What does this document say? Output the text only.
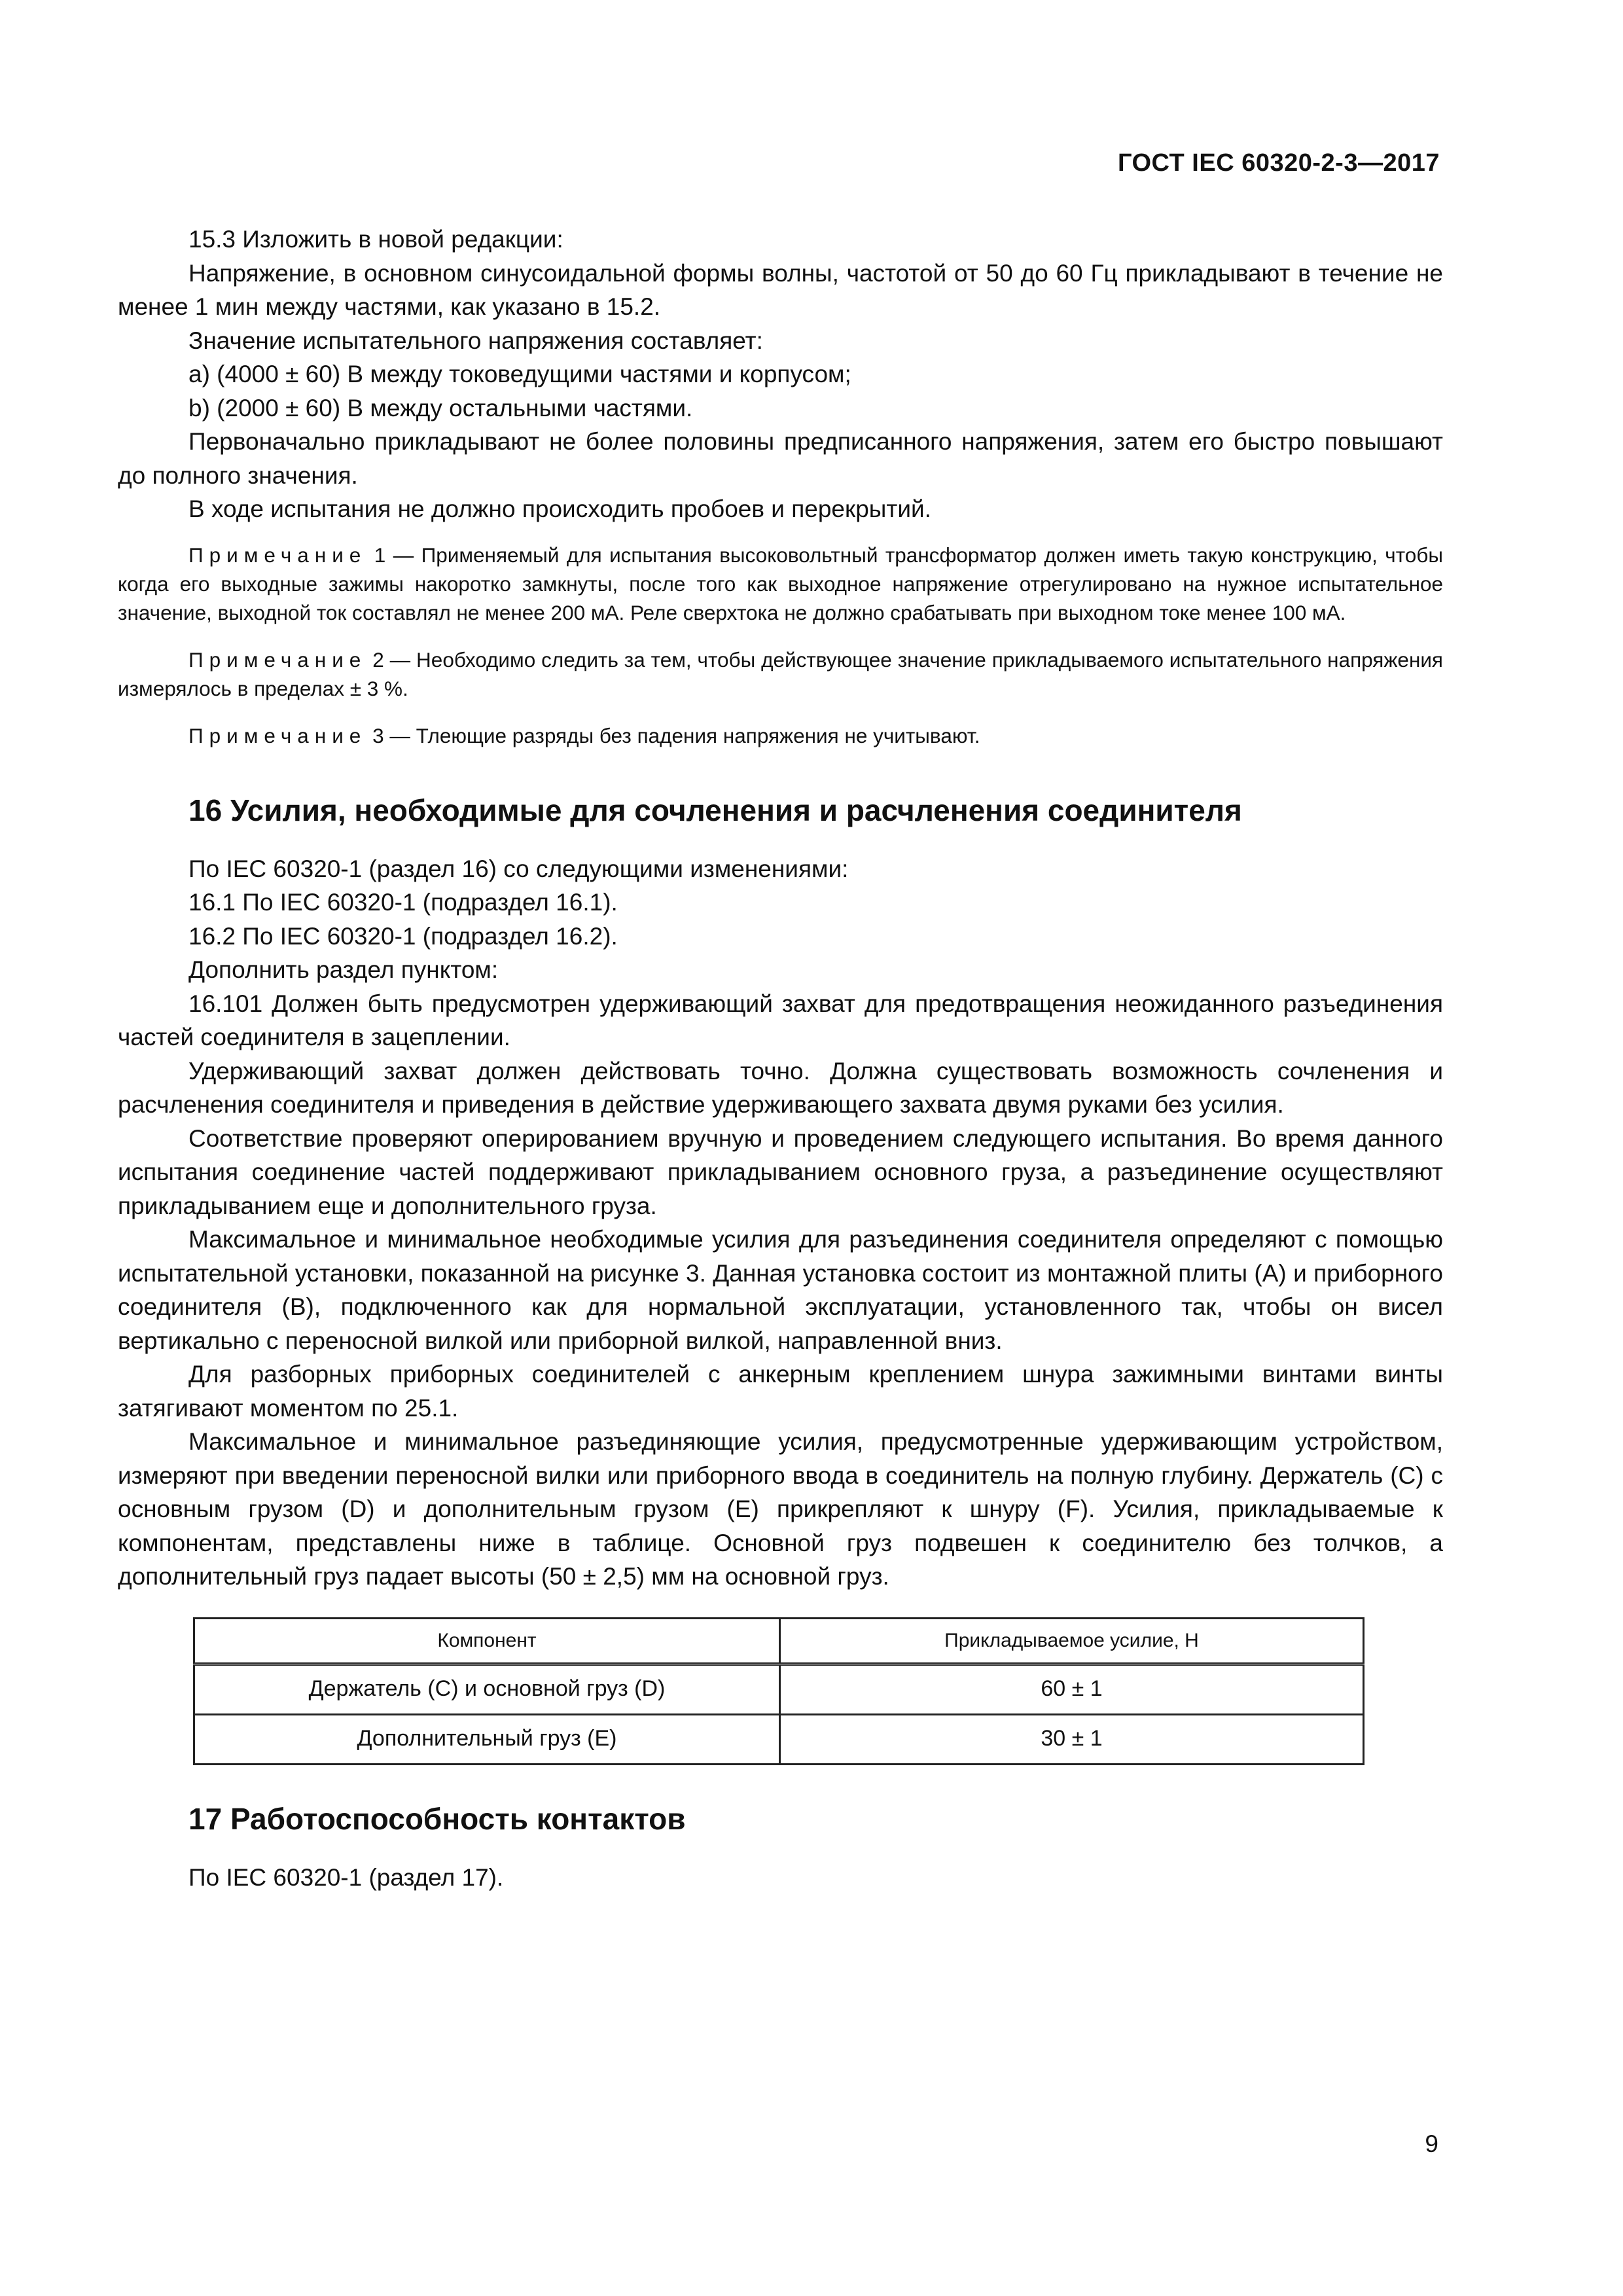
ГОСТ IEC 60320-2-3—2017

15.3 Изложить в новой редакции:

Напряжение, в основном синусоидальной формы волны, частотой от 50 до 60 Гц прикладывают в течение не менее 1 мин между частями, как указано в 15.2.

Значение испытательного напряжения составляет:

a) (4000 ± 60) В между токоведущими частями и корпусом;

b) (2000 ± 60) В между остальными частями.

Первоначально прикладывают не более половины предписанного напряжения, затем его быстро повышают до полного значения.

В ходе испытания не должно происходить пробоев и перекрытий.

Примечание 1 — Применяемый для испытания высоковольтный трансформатор должен иметь такую конструкцию, чтобы когда его выходные зажимы накоротко замкнуты, после того как выходное напряжение отрегулировано на нужное испытательное значение, выходной ток составлял не менее 200 мА. Реле сверхтока не должно срабатывать при выходном токе менее 100 мА.

Примечание 2 — Необходимо следить за тем, чтобы действующее значение прикладываемого испытательного напряжения измерялось в пределах ± 3 %.

Примечание 3 — Тлеющие разряды без падения напряжения не учитывают.

16 Усилия, необходимые для сочленения и расчленения соединителя

По IEC 60320-1 (раздел 16) со следующими изменениями:

16.1 По IEC 60320-1 (подраздел 16.1).

16.2 По IEC 60320-1 (подраздел 16.2).

Дополнить раздел пунктом:

16.101 Должен быть предусмотрен удерживающий захват для предотвращения неожиданного разъединения частей соединителя в зацеплении.

Удерживающий захват должен действовать точно. Должна существовать возможность сочленения и расчленения соединителя и приведения в действие удерживающего захвата двумя руками без усилия.

Соответствие проверяют оперированием вручную и проведением следующего испытания. Во время данного испытания соединение частей поддерживают прикладыванием основного груза, а разъединение осуществляют прикладыванием еще и дополнительного груза.

Максимальное и минимальное необходимые усилия для разъединения соединителя определяют с помощью испытательной установки, показанной на рисунке 3. Данная установка состоит из монтажной плиты (А) и приборного соединителя (В), подключенного как для нормальной эксплуатации, установленного так, чтобы он висел вертикально с переносной вилкой или приборной вилкой, направленной вниз.

Для разборных приборных соединителей с анкерным креплением шнура зажимными винтами винты затягивают моментом по 25.1.

Максимальное и минимальное разъединяющие усилия, предусмотренные удерживающим устройством, измеряют при введении переносной вилки или приборного ввода в соединитель на полную глубину. Держатель (С) с основным грузом (D) и дополнительным грузом (Е) прикрепляют к шнуру (F). Усилия, прикладываемые к компонентам, представлены ниже в таблице. Основной груз подвешен к соединителю без толчков, а дополнительный груз падает высоты (50 ± 2,5) мм на основной груз.

Компонент	Прикладываемое усилие, Н
Держатель (С) и основной груз (D)	60 ± 1
Дополнительный груз (Е)	30 ± 1
17 Работоспособность контактов

По IEC 60320-1 (раздел 17).

9
